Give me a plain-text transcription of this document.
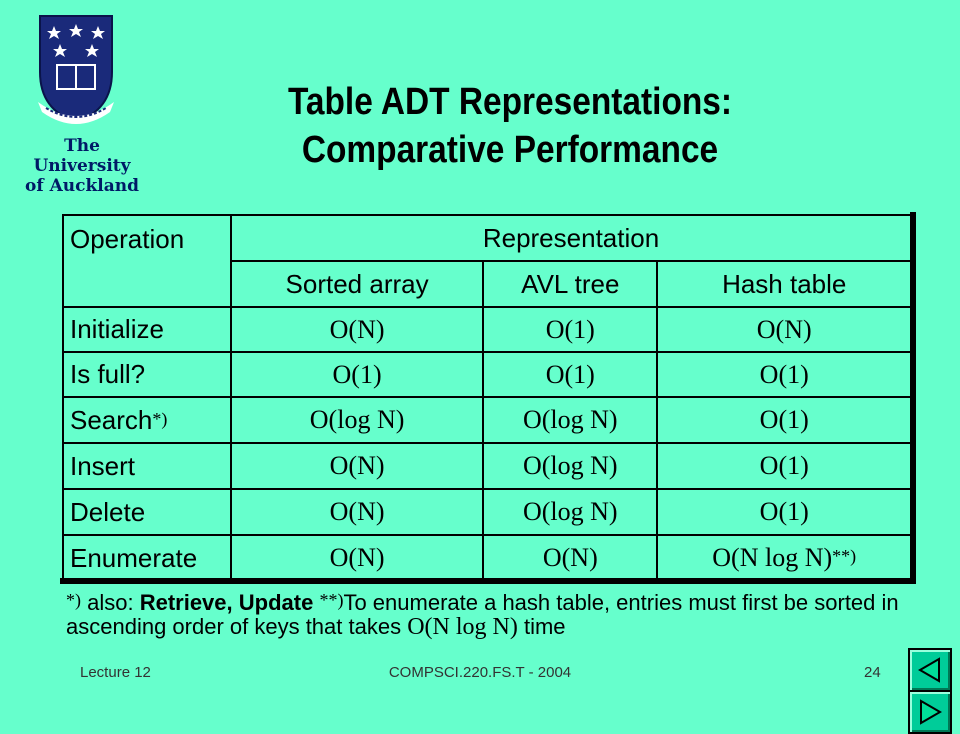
The
University
of Auckland
Table ADT Representations:
Comparative Performance
Operation	Representation		
	Sorted array	AVL tree	Hash table
Initialize	O(N)	O(1)	O(N)
Is full?	O(1)	O(1)	O(1)
Search*)	O(log N)	O(log N)	O(1)
Insert	O(N)	O(log N)	O(1)
Delete	O(N)	O(log N)	O(1)
Enumerate	O(N)	O(N)	O(N log N)**)
*) also: Retrieve, Update **)To enumerate a hash table, entries must first be sorted in ascending order of keys that takes O(N log N) time
Lecture 12	COMPSCI.220.FS.T - 2004	24
